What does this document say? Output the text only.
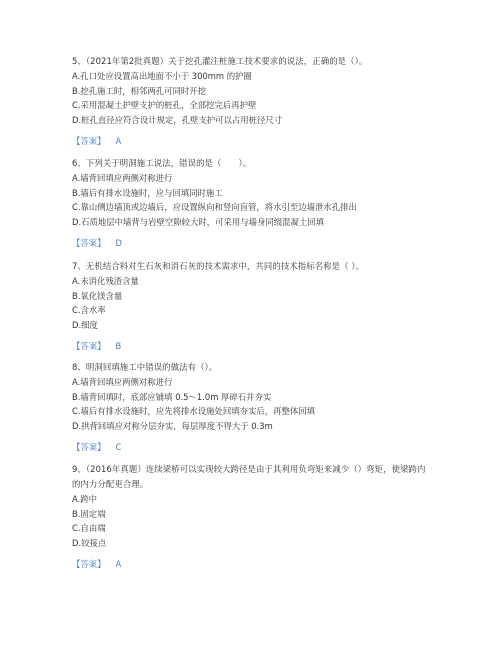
5、（2021年第2批真题）关于挖孔灌注桩施工技术要求的说法，正确的是（）。
A.孔口处应设置高出地面不小于 300mm 的护圈
B.挖孔施工时，相邻两孔可同时开挖
C.采用混凝土护壁支护的桩孔，全部挖完后再护壁
D.桩孔直径应符合设计规定，孔壁支护可以占用桩径尺寸
【答案】 A
6、下列关于明洞施工说法，错误的是（　　）。
A.墙背回填应两侧对称进行
B.墙后有排水设施时，应与回填同时施工
C.靠山侧边墙顶或边墙后，应设置纵向和竖向盲管，将水引至边墙泄水孔排出
D.石质地层中墙背与岩壁空隙较大时，可采用与墙身同级混凝土回填
【答案】 D
7、无机结合料对生石灰和消石灰的技术需求中，共同的技术指标名称是（ ）。
A.未消化残渣含量
B.氧化镁含量
C.含水率
D.细度
【答案】 B
8、明洞回填施工中错误的做法有（）。
A.墙背回填应两侧对称进行
B.墙背回填时，底部应铺填 0.5～1.0m 厚碎石并夯实
C.墙后有排水设施时，应先将排水设施处回填夯实后，再整体回填
D.拱背回填应对称分层夯实，每层厚度不得大于 0.3m
【答案】 C
9、（2016年真题）连续梁桥可以实现较大跨径是由于其利用负弯矩来减少（）弯矩，使梁跨内的内力分配更合理。
A.跨中
B.固定端
C.自由端
D.铰接点
【答案】 A
